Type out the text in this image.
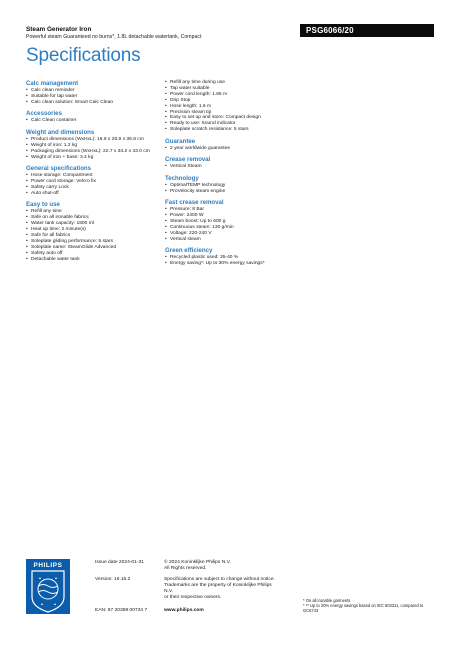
Steam Generator Iron
Powerful steam Guaranteed no burns*, 1.8L detachable watertank, Compact
PSG6066/20
Specifications
Calc management
• Calc clean reminder
• Suitable for tap water
• Calc clean solution: Smart Calc Clean
Accessories
• Calc Clean container
Weight and dimensions
• Product dimensions (WxHxL): 16.8 x 26.9 x 36.8 cm
• Weight of iron: 1.2 kg
• Packaging dimensions (WxHxL): 22.7 x 34.2 x 43.0 cm
• Weight of iron + base: 3.4 kg
General specifications
• Hose storage: Compartment
• Power cord storage: Velcro fix
• Safety carry Lock
• Auto shut-off
Easy to use
• Refill any time
• Safe on all ironable fabrics
• Water tank capacity: 1800 ml
• Heat up time: 2 minute(s)
• Safe for all fabrics
• Soleplate gliding performance: 5 stars
• Soleplate name: SteamGlide Advanced
• Safety auto off
• Detachable water tank
• Refill any time during use
• Tap water suitable
• Power cord length: 1.65 m
• Drip Stop
• Hose length: 1.6 m
• Precision steam tip
• Easy to set up and store: Compact design
• Ready to use: Sound indicator
• Soleplate scratch resistance: 5 stars
Guarantee
• 2 year worldwide guarantee
Crease removal
• Vertical Steam
Technology
• OptimalTEMP technology
• ProVelocity steam engine
Fast crease removal
• Pressure: 8 Bar
• Power: 2400 W
• Steam boost: Up to 600 g
• Continuous steam: 130 g/min
• Voltage: 220-240 V
• Vertical steam
Green efficiency
• Recycled plastic used: 35-40 %
• Energy saving*: Up to 30% energy savings*
PHILIPS	Issue date 2024-01-31
Version: 16.16.2
EAN: 87 20389 00734 7
© 2024 Koninklijke Philips N.V.
All Rights reserved.
Specifications are subject to change without notice.
Trademarks are the property of Koninklijke Philips N.V.
or their respective owners.
www.philips.com
* On all ironable garments
* ** Up to 20% energy savings based on IEC 603311, compared to
GC6743
